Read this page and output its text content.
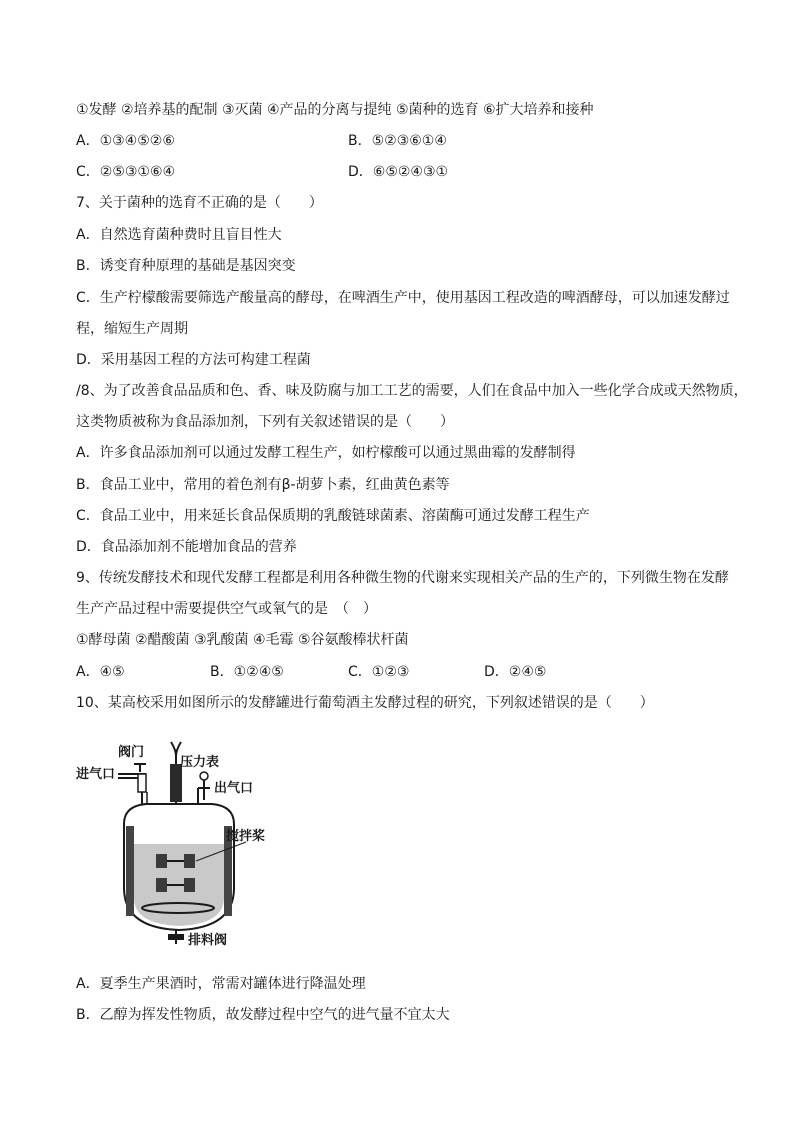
①发酵 ②培养基的配制 ③灭菌 ④产品的分离与提纯 ⑤菌种的选育 ⑥扩大培养和接种
A．①③④⑤②⑥	B．⑤②③⑥①④
C．②⑤③①⑥④	D．⑥⑤②④③①
7、关于菌种的选育不正确的是（　　）
A．自然选育菌种费时且盲目性大
B．诱变育种原理的基础是基因突变
C．生产柠檬酸需要筛选产酸量高的酵母，在啤酒生产中，使用基因工程改造的啤酒酵母，可以加速发酵过
程，缩短生产周期
D．采用基因工程的方法可构建工程菌
/8、为了改善食品品质和色、香、味及防腐与加工工艺的需要，人们在食品中加入一些化学合成或天然物质，
这类物质被称为食品添加剂，下列有关叙述错误的是（　　）
A．许多食品添加剂可以通过发酵工程生产，如柠檬酸可以通过黑曲霉的发酵制得
B．食品工业中，常用的着色剂有β-胡萝卜素，红曲黄色素等
C．食品工业中，用来延长食品保质期的乳酸链球菌素、溶菌酶可通过发酵工程生产
D．食品添加剂不能增加食品的营养
9、传统发酵技术和现代发酵工程都是利用各种微生物的代谢来实现相关产品的生产的，下列微生物在发酵
生产产品过程中需要提供空气或氧气的是　（　）
①酵母菌 ②醋酸菌 ③乳酸菌 ④毛霉 ⑤谷氨酸棒状杆菌
A．④⑤	B．①②④⑤	C．①②③	D．②④⑤
10、某高校采用如图所示的发酵罐进行葡萄酒主发酵过程的研究，下列叙述错误的是（　　）
阀门
压力表
进气口
出气口
搅拌桨
排料阀
A．夏季生产果酒时，常需对罐体进行降温处理
B．乙醇为挥发性物质，故发酵过程中空气的进气量不宜太大
